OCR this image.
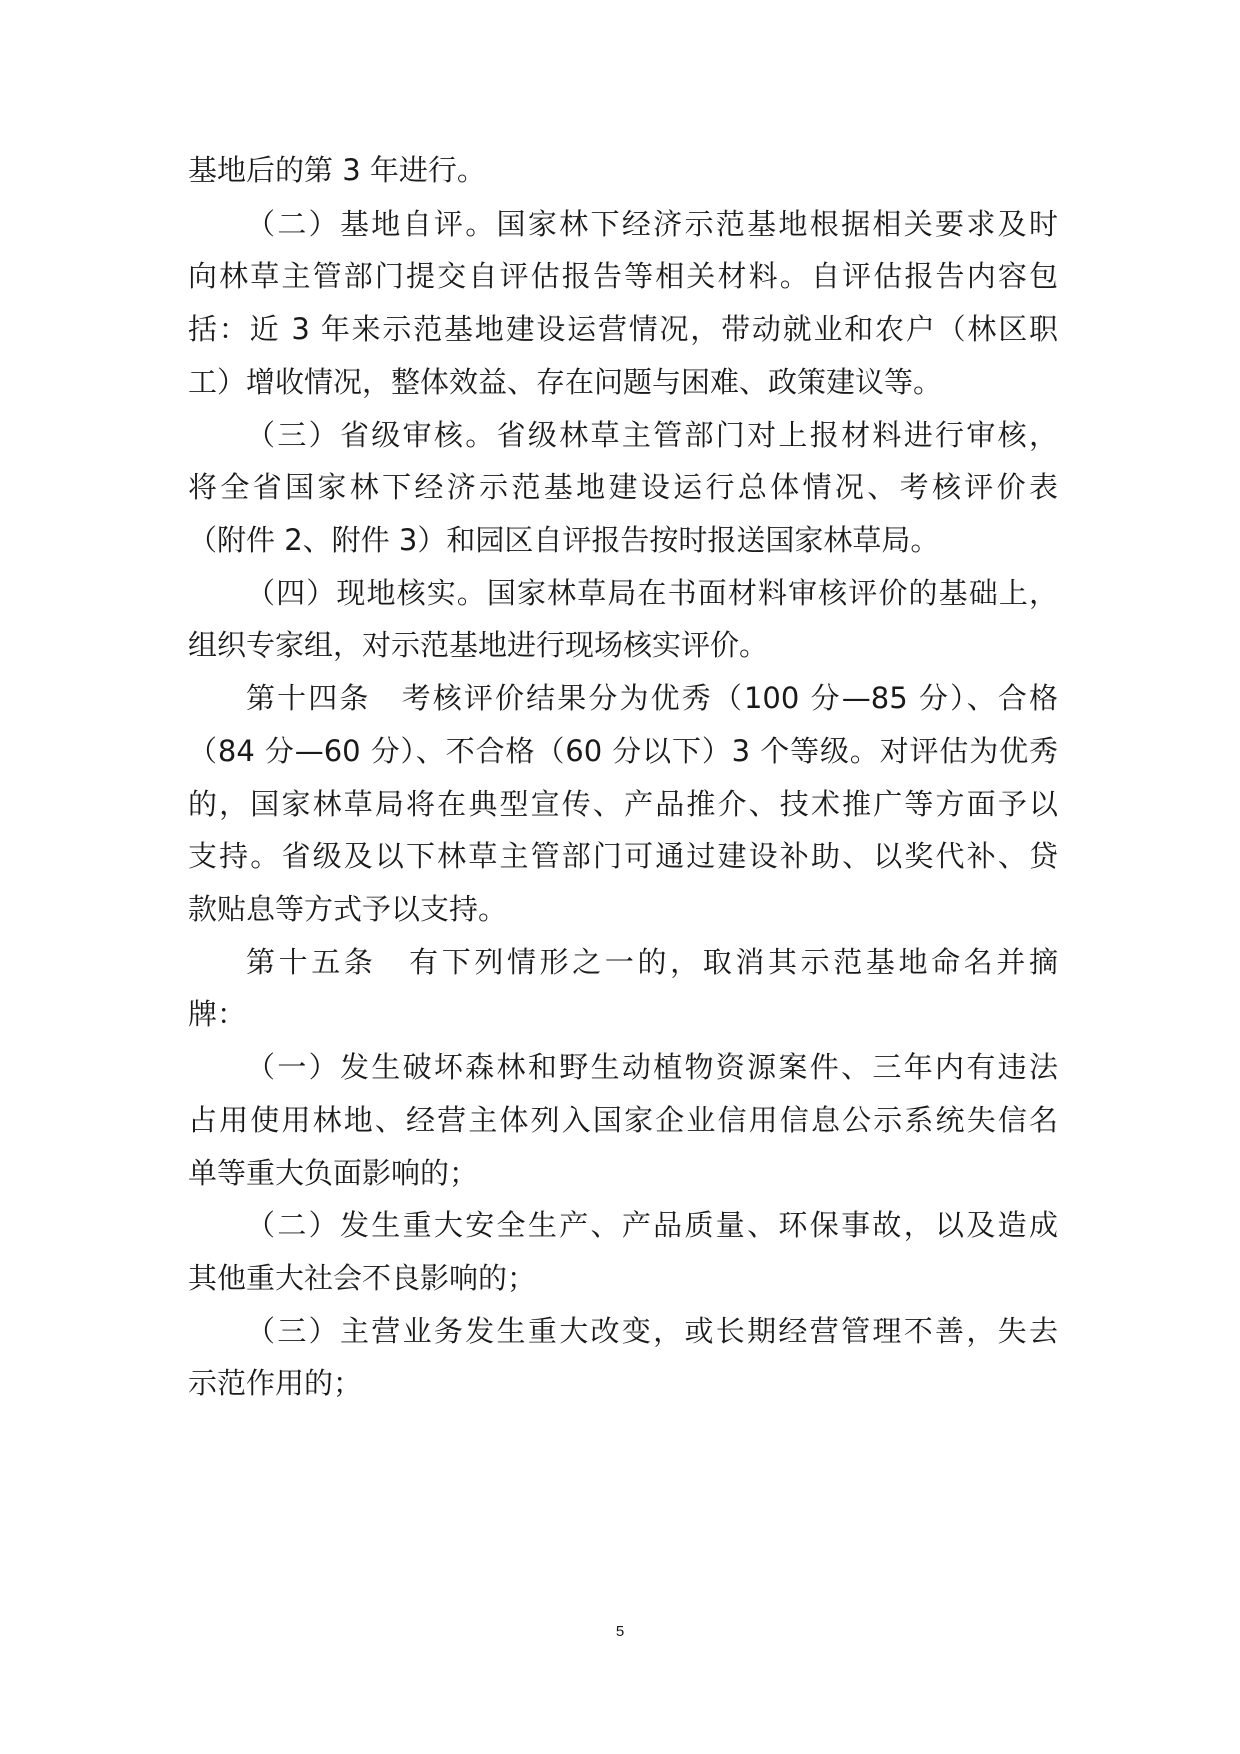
基地后的第 3 年进行。
（二）基地自评。国家林下经济示范基地根据相关要求及时
向林草主管部门提交自评估报告等相关材料。自评估报告内容包
括：近 3 年来示范基地建设运营情况，带动就业和农户（林区职
工）增收情况，整体效益、存在问题与困难、政策建议等。
（三）省级审核。省级林草主管部门对上报材料进行审核，
将全省国家林下经济示范基地建设运行总体情况、考核评价表
（附件 2、附件 3）和园区自评报告按时报送国家林草局。
（四）现地核实。国家林草局在书面材料审核评价的基础上，
组织专家组，对示范基地进行现场核实评价。
第十四条　考核评价结果分为优秀（100 分—85 分）、合格
（84 分—60 分）、不合格（60 分以下）3 个等级。对评估为优秀
的，国家林草局将在典型宣传、产品推介、技术推广等方面予以
支持。省级及以下林草主管部门可通过建设补助、以奖代补、贷
款贴息等方式予以支持。
第十五条　有下列情形之一的，取消其示范基地命名并摘
牌：
（一）发生破坏森林和野生动植物资源案件、三年内有违法
占用使用林地、经营主体列入国家企业信用信息公示系统失信名
单等重大负面影响的；
（二）发生重大安全生产、产品质量、环保事故，以及造成
其他重大社会不良影响的；
（三）主营业务发生重大改变，或长期经营管理不善，失去
示范作用的；
5
